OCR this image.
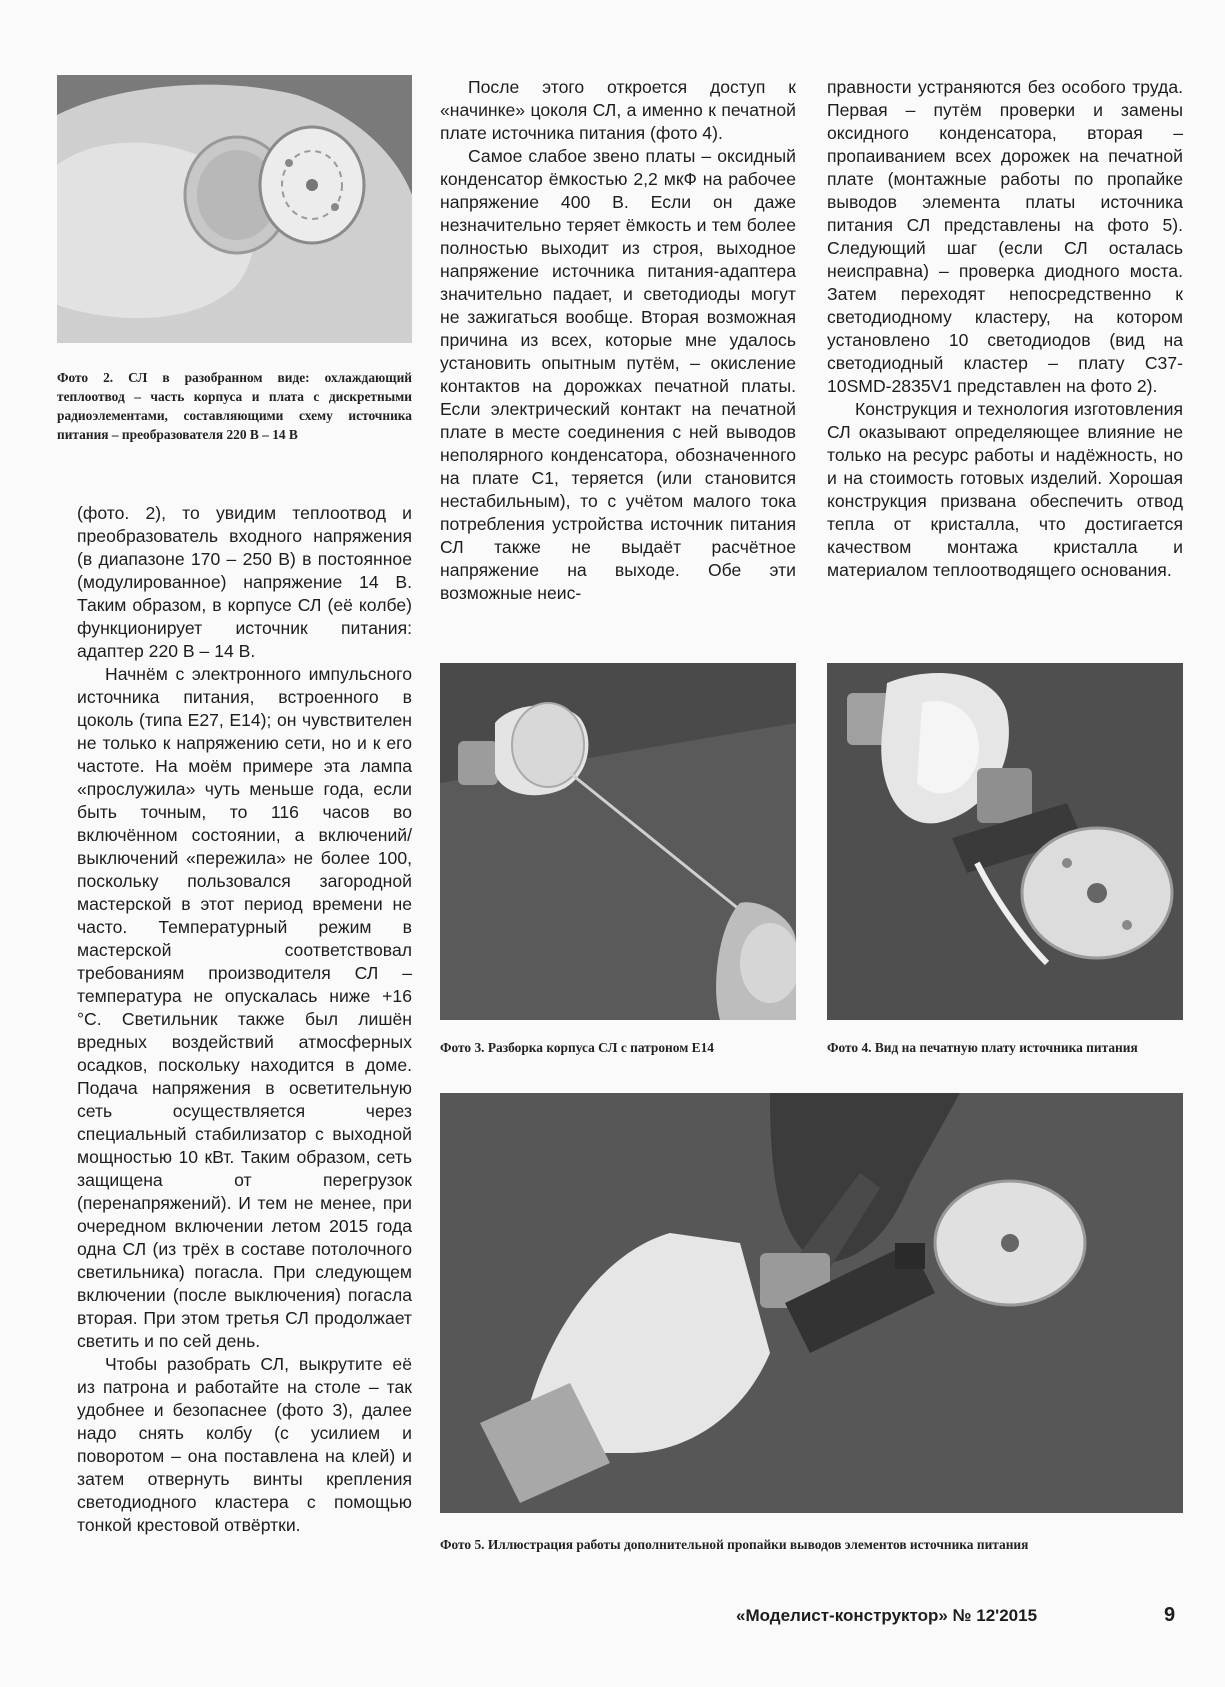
Фото 2. СЛ в разобранном виде: охлаждающий теплоотвод – часть корпуса и плата с дискретными радиоэлементами, составляющими схему источника питания – преобразователя 220 В – 14 В

(фото. 2), то увидим теплоотвод и преобразователь входного напряжения (в диапазоне 170 – 250 В) в постоянное (модулированное) напряжение 14 В. Таким образом, в корпусе СЛ (её колбе) функционирует источник питания: адаптер 220 В – 14 В.

Начнём с электронного импульсного источника питания, встроенного в цоколь (типа Е27, Е14); он чувствителен не только к напряжению сети, но и к его частоте. На моём примере эта лампа «прослужила» чуть меньше года, если быть точным, то 116 часов во включённом состоянии, а включений/выключений «пережила» не более 100, поскольку пользовался загородной мастерской в этот период времени не часто. Температурный режим в мастерской соответствовал требованиям производителя СЛ – температура не опускалась ниже +16 °С. Светильник также был лишён вредных воздействий атмосферных осадков, поскольку находится в доме. Подача напряжения в осветительную сеть осуществляется через специальный стабилизатор с выходной мощностью 10 кВт. Таким образом, сеть защищена от перегрузок (перенапряжений). И тем не менее, при очередном включении летом 2015 года одна СЛ (из трёх в составе потолочного светильника) погасла. При следующем включении (после выключения) погасла вторая. При этом третья СЛ продолжает светить и по сей день.

Чтобы разобрать СЛ, выкрутите её из патрона и работайте на столе – так удобнее и безопаснее (фото 3), далее надо снять колбу (с усилием и поворотом – она поставлена на клей) и затем отвернуть винты крепления светодиодного кластера с помощью тонкой крестовой отвёртки.

После этого откроется доступ к «начинке» цоколя СЛ, а именно к печатной плате источника питания (фото 4).

Самое слабое звено платы – оксидный конденсатор ёмкостью 2,2 мкФ на рабочее напряжение 400 В. Если он даже незначительно теряет ёмкость и тем более полностью выходит из строя, выходное напряжение источника питания-адаптера значительно падает, и светодиоды могут не зажигаться вообще. Вторая возможная причина из всех, которые мне удалось установить опытным путём, – окисление контактов на дорожках печатной платы. Если электрический контакт на печатной плате в месте соединения с ней выводов неполярного конденсатора, обозначенного на плате С1, теряется (или становится нестабильным), то с учётом малого тока потребления устройства источник питания СЛ также не выдаёт расчётное напряжение на выходе. Обе эти возможные неис-

правности устраняются без особого труда. Первая – путём проверки и замены оксидного конденсатора, вторая – пропаиванием всех дорожек на печатной плате (монтажные работы по пропайке выводов элемента платы источника питания СЛ представлены на фото 5). Следующий шаг (если СЛ осталась неисправна) – проверка диодного моста. Затем переходят непосредственно к светодиодному кластеру, на котором установлено 10 светодиодов (вид на светодиодный кластер – плату С37-10SMD-2835V1 представлен на фото 2).

Конструкция и технология изготовления СЛ оказывают определяющее влияние не только на ресурс работы и надёжность, но и на стоимость готовых изделий. Хорошая конструкция призвана обеспечить отвод тепла от кристалла, что достигается качеством монтажа кристалла и материалом теплоотводящего основания.

Фото 3. Разборка корпуса СЛ с патроном Е14	Фото 4. Вид на печатную плату источника питания
Фото 5. Иллюстрация работы дополнительной пропайки выводов элементов источника питания
«Моделист-конструктор» № 12'2015	9
